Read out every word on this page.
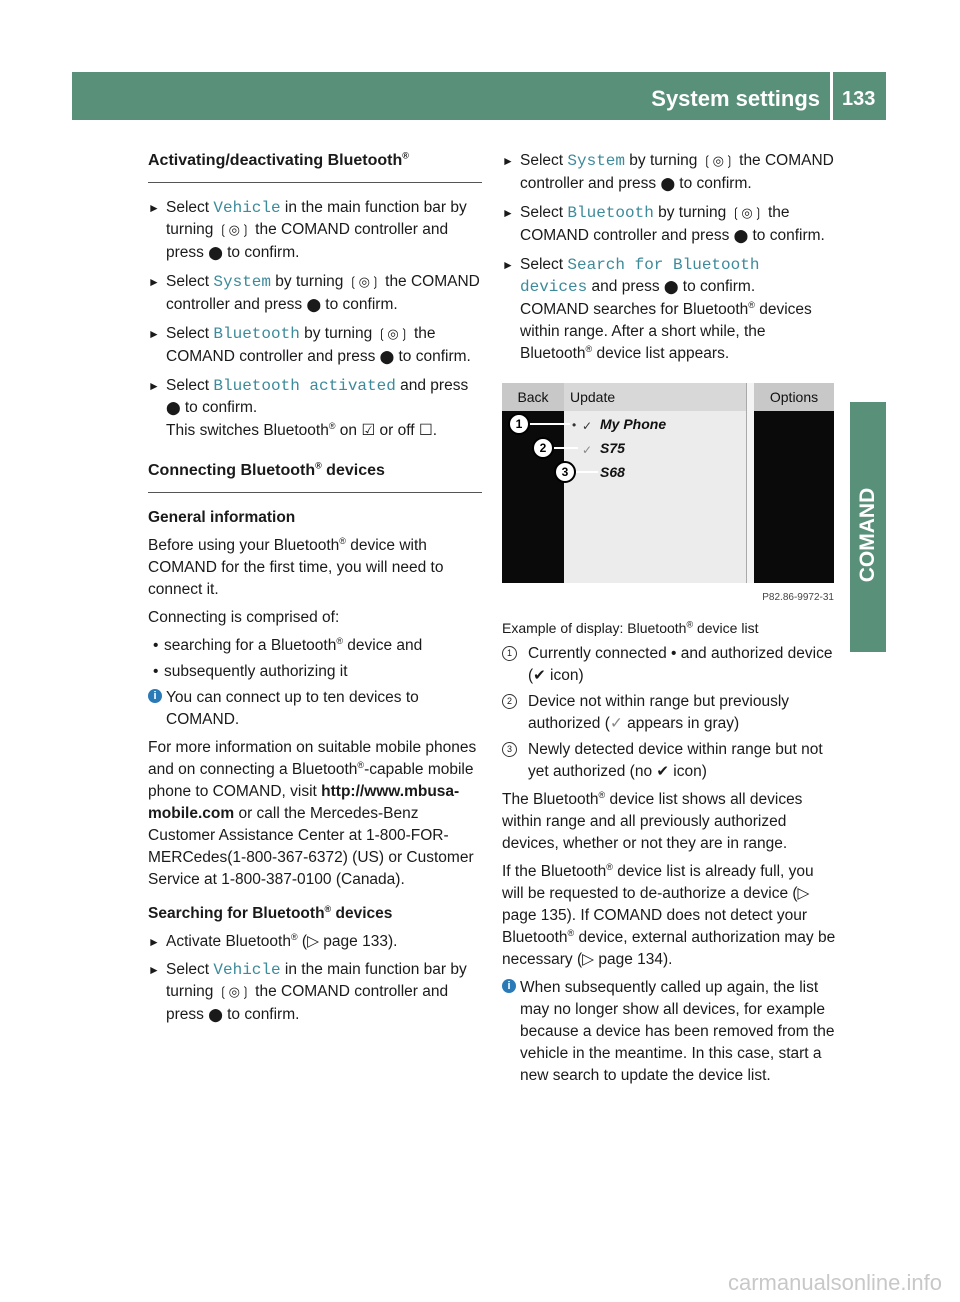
System settings 133
COMAND
Activating/deactivating Bluetooth®
► Select Vehicle in the main function bar by turning ❲◎❳ the COMAND controller and press ⬤ to confirm.
► Select System by turning ❲◎❳ the COMAND controller and press ⬤ to confirm.
► Select Bluetooth by turning ❲◎❳ the COMAND controller and press ⬤ to confirm.
► Select Bluetooth activated and press
⬤ to confirm.
This switches Bluetooth® on ☑ or off ☐.
Connecting Bluetooth® devices
General information

Before using your Bluetooth® device with COMAND for the first time, you will need to connect it.

Connecting is comprised of:

• searching for a Bluetooth® device and
• subsequently authorizing it
i You can connect up to ten devices to COMAND.

For more information on suitable mobile phones and on connecting a Bluetooth®-capable mobile phone to COMAND, visit http://www.mbusa-mobile.com or call the Mercedes-Benz Customer Assistance Center at 1-800-FOR-MERCedes(1-800-367-6372) (US) or Customer Service at 1-800-387-0100 (Canada).

Searching for Bluetooth® devices
► Activate Bluetooth® (▷ page 133).
► Select Vehicle in the main function bar by turning ❲◎❳ the COMAND controller and press ⬤ to confirm.
► Select System by turning ❲◎❳ the COMAND controller and press ⬤ to confirm.
► Select Bluetooth by turning ❲◎❳ the COMAND controller and press ⬤ to confirm.
► Select Search for Bluetooth devices and press ⬤ to confirm.
COMAND searches for Bluetooth® devices within range. After a short while, the Bluetooth® device list appears.
Back	Update	Options
• ✓ My Phone
✓ S75
S68
1
2
3
P82.86-9972-31
Example of display: Bluetooth® device list
1	Currently connected • and authorized device (✔ icon)
2	Device not within range but previously authorized (✓ appears in gray)
3	Newly detected device within range but not yet authorized (no ✔ icon)

The Bluetooth® device list shows all devices within range and all previously authorized devices, whether or not they are in range.

If the Bluetooth® device list is already full, you will be requested to de-authorize a device (▷ page 135). If COMAND does not detect your Bluetooth® device, external authorization may be necessary (▷ page 134).

i When subsequently called up again, the list may no longer show all devices, for example because a device has been removed from the vehicle in the meantime. In this case, start a new search to update the device list.
carmanualsonline.info
